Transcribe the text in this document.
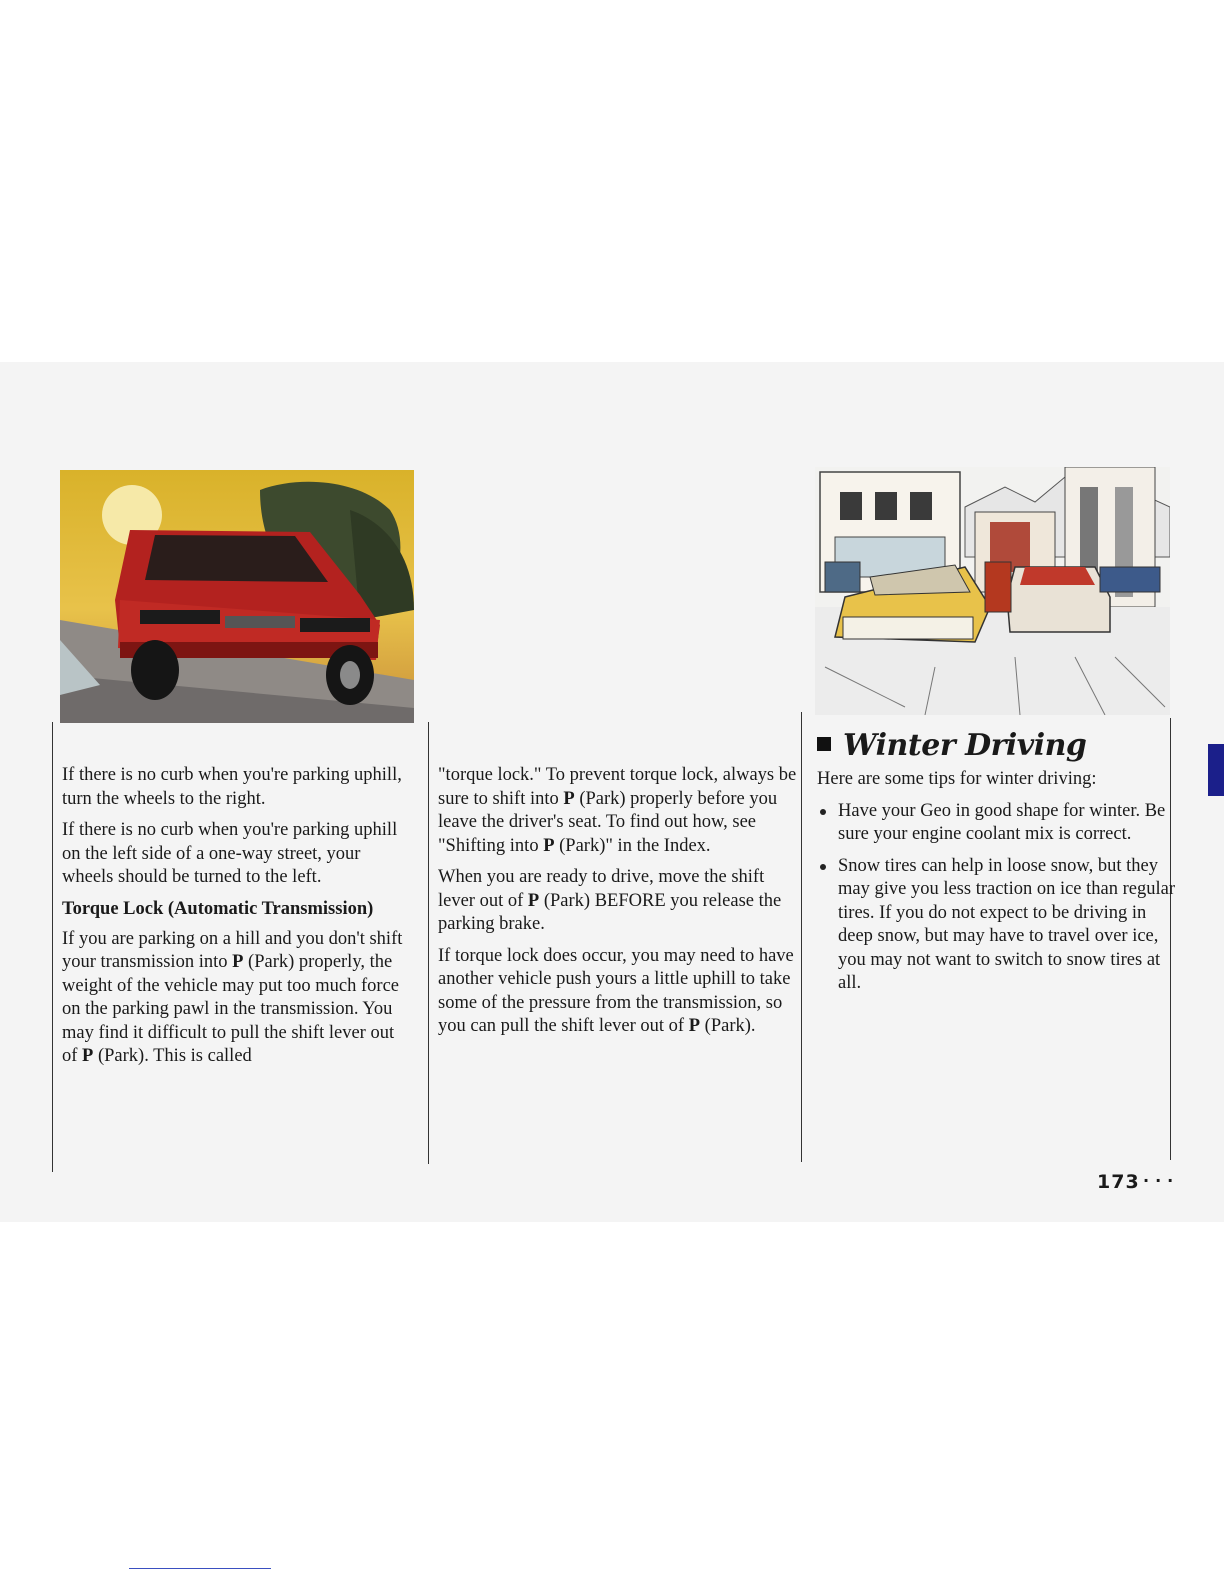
If there is no curb when you're parking uphill, turn the wheels to the right.

If there is no curb when you're parking uphill on the left side of a one-way street, your wheels should be turned to the left.

Torque Lock (Automatic Transmission)

If you are parking on a hill and you don't shift your transmission into P (Park) properly, the weight of the vehicle may put too much force on the parking pawl in the transmission. You may find it difficult to pull the shift lever out of P (Park). This is called

"torque lock." To prevent torque lock, always be sure to shift into P (Park) properly before you leave the driver's seat. To find out how, see "Shifting into P (Park)" in the Index.

When you are ready to drive, move the shift lever out of P (Park) BEFORE you release the parking brake.

If torque lock does occur, you may need to have another vehicle push yours a little uphill to take some of the pressure from the transmission, so you can pull the shift lever out of P (Park).

Winter Driving

Here are some tips for winter driving:

Have your Geo in good shape for winter. Be sure your engine coolant mix is correct.
Snow tires can help in loose snow, but they may give you less traction on ice than regular tires. If you do not expect to be driving in deep snow, but may have to travel over ice, you may not want to switch to snow tires at all.
173 ···
